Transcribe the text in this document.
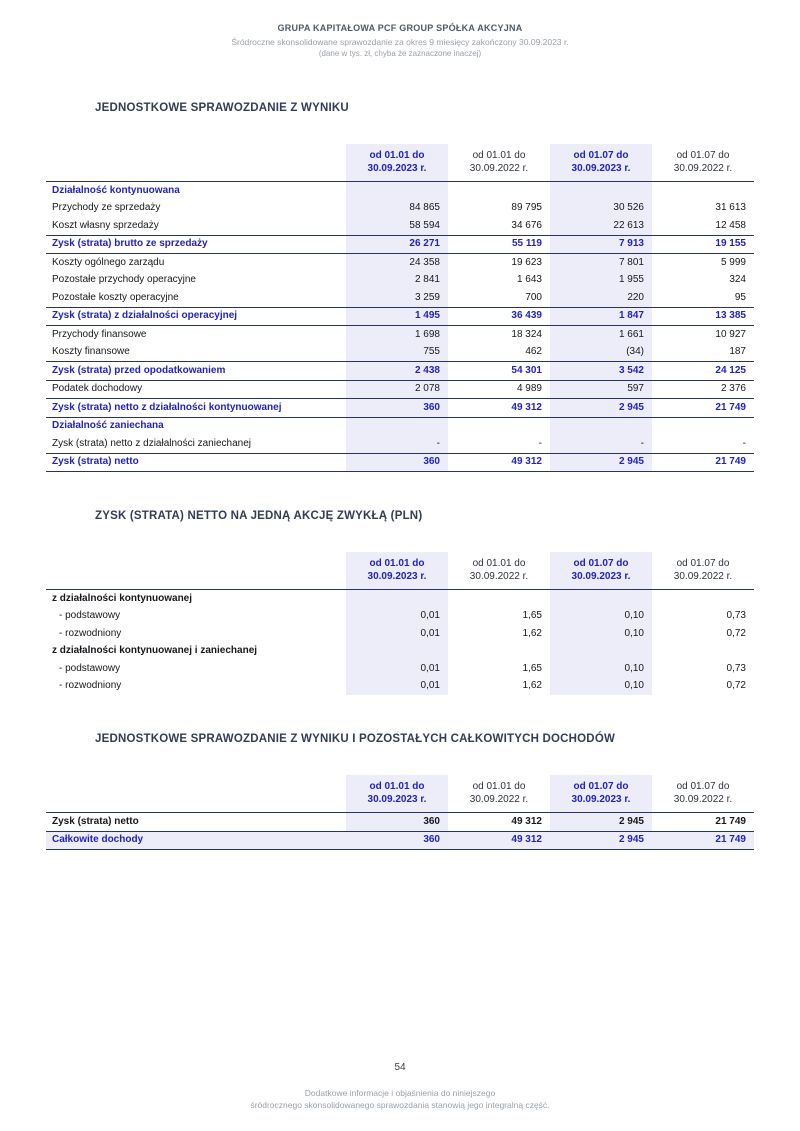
GRUPA KAPITAŁOWA PCF GROUP SPÓŁKA AKCYJNA
Śródroczne skonsolidowane sprawozdanie za okres 9 miesięcy zakończony 30.09.2023 r.
(dane w tys. zł, chyba że zaznaczone inaczej)
JEDNOSTKOWE SPRAWOZDANIE Z WYNIKU

od 01.01 do
30.09.2023 r.

od 01.01 do
30.09.2022 r.

od 01.07 do
30.09.2023 r.

od 01.07 do
30.09.2022 r.

Działalność kontynuowana				
Przychody ze sprzedaży	84 865	89 795	30 526	31 613
Koszt własny sprzedaży	58 594	34 676	22 613	12 458
Zysk (strata) brutto ze sprzedaży	26 271	55 119	7 913	19 155
Koszty ogólnego zarządu	24 358	19 623	7 801	5 999
Pozostałe przychody operacyjne	2 841	1 643	1 955	324
Pozostałe koszty operacyjne	3 259	700	220	95
Zysk (strata) z działalności operacyjnej	1 495	36 439	1 847	13 385
Przychody finansowe	1 698	18 324	1 661	10 927
Koszty finansowe	755	462	(34)	187
Zysk (strata) przed opodatkowaniem	2 438	54 301	3 542	24 125
Podatek dochodowy	2 078	4 989	597	2 376
Zysk (strata) netto z działalności kontynuowanej	360	49 312	2 945	21 749
Działalność zaniechana				
Zysk (strata) netto z działalności zaniechanej	-	-	-	-
Zysk (strata) netto	360	49 312	2 945	21 749
ZYSK (STRATA) NETTO NA JEDNĄ AKCJĘ ZWYKŁĄ (PLN)

od 01.01 do
30.09.2023 r.

od 01.01 do
30.09.2022 r.

od 01.07 do
30.09.2023 r.

od 01.07 do
30.09.2022 r.

z działalności kontynuowanej				
- podstawowy	0,01	1,65	0,10	0,73
- rozwodniony	0,01	1,62	0,10	0,72
z działalności kontynuowanej i zaniechanej				
- podstawowy	0,01	1,65	0,10	0,73
- rozwodniony	0,01	1,62	0,10	0,72
JEDNOSTKOWE SPRAWOZDANIE Z WYNIKU I POZOSTAŁYCH CAŁKOWITYCH DOCHODÓW

od 01.01 do
30.09.2023 r.

od 01.01 do
30.09.2022 r.

od 01.07 do
30.09.2023 r.

od 01.07 do
30.09.2022 r.

Zysk (strata) netto	360	49 312	2 945	21 749
Całkowite dochody	360	49 312	2 945	21 749
54
Dodatkowe informacje i objaśnienia do niniejszego
śródrocznego skonsolidowanego sprawozdania stanowią jego integralną część.
